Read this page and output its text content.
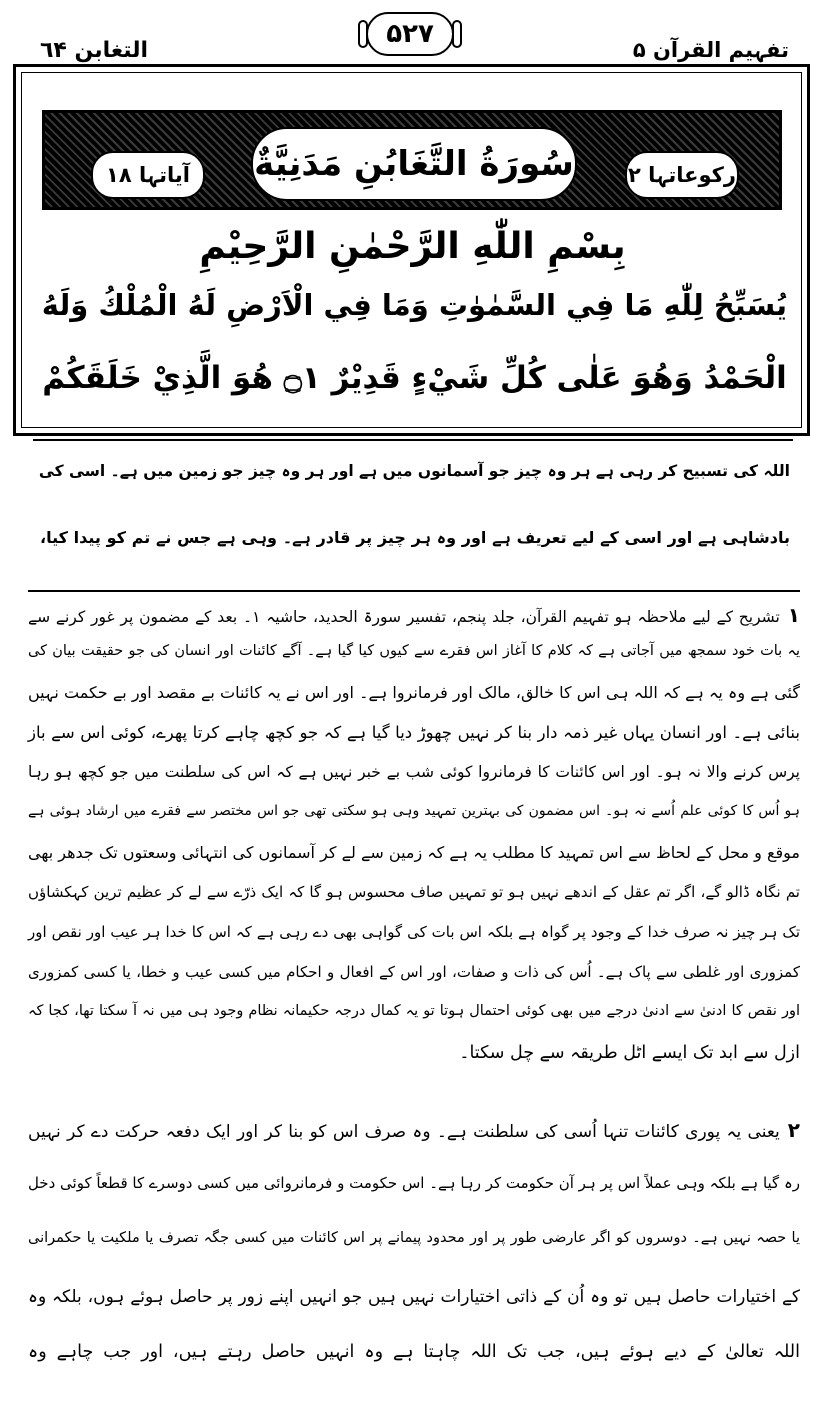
التغابن ٦۴
۵۲۷
تفہیم القرآن ۵
آیاتہا ۱۸	سُورَةُ التَّغَابُنِ مَدَنِيَّةٌ	رکوعاتہا ۲
بِسْمِ اللّٰهِ الرَّحْمٰنِ الرَّحِيْمِ
يُسَبِّحُ لِلّٰهِ مَا فِي السَّمٰوٰتِ وَمَا فِي الْاَرْضِ لَهُ الْمُلْكُ وَلَهُ
الْحَمْدُ وَهُوَ عَلٰى كُلِّ شَيْءٍ قَدِيْرٌ ۝١ هُوَ الَّذِيْ خَلَقَكُمْ
اللہ کی تسبیح کر رہی ہے ہر وہ چیز جو آسمانوں میں ہے اور ہر وہ چیز جو زمین میں ہے۔ اسی کی
بادشاہی ہے اور اسی کے لیے تعریف ہے اور وہ ہر چیز پر قادر ہے۔ وہی ہے جس نے تم کو پیدا کیا،
۱تشریح کے لیے ملاحظہ ہو تفہیم القرآن، جلد پنجم، تفسیر سورۃ الحدید، حاشیہ ۱۔ بعد کے مضمون پر غور کرنے سے
یہ بات خود سمجھ میں آجاتی ہے کہ کلام کا آغاز اس فقرے سے کیوں کیا گیا ہے۔ آگے کائنات اور انسان کی جو حقیقت بیان کی
گئی ہے وہ یہ ہے کہ اللہ ہی اس کا خالق، مالک اور فرمانروا ہے۔ اور اس نے یہ کائنات بے مقصد اور بے حکمت نہیں
بنائی ہے۔ اور انسان یہاں غیر ذمہ دار بنا کر نہیں چھوڑ دیا گیا ہے کہ جو کچھ چاہے کرتا پھرے، کوئی اس سے باز
پرس کرنے والا نہ ہو۔ اور اس کائنات کا فرمانروا کوئی شب بے خبر نہیں ہے کہ اس کی سلطنت میں جو کچھ ہو رہا
ہو اُس کا کوئی علم اُسے نہ ہو۔ اس مضمون کی بہترین تمہید وہی ہو سکتی تھی جو اس مختصر سے فقرے میں ارشاد ہوئی ہے
موقع و محل کے لحاظ سے اس تمہید کا مطلب یہ ہے کہ زمین سے لے کر آسمانوں کی انتہائی وسعتوں تک جدھر بھی
تم نگاہ ڈالو گے، اگر تم عقل کے اندھے نہیں ہو تو تمہیں صاف محسوس ہو گا کہ ایک ذرّے سے لے کر عظیم ترین کہکشاؤں
تک ہر چیز نہ صرف خدا کے وجود پر گواہ ہے بلکہ اس بات کی گواہی بھی دے رہی ہے کہ اس کا خدا ہر عیب اور نقص اور
کمزوری اور غلطی سے پاک ہے۔ اُس کی ذات و صفات، اور اس کے افعال و احکام میں کسی عیب و خطا، یا کسی کمزوری
اور نقص کا ادنیٰ سے ادنیٰ درجے میں بھی کوئی احتمال ہوتا تو یہ کمال درجہ حکیمانہ نظام وجود ہی میں نہ آ سکتا تھا، کجا کہ
ازل سے ابد تک ایسے اٹل طریقہ سے چل سکتا۔
۲یعنی یہ پوری کائنات تنہا اُسی کی سلطنت ہے۔ وہ صرف اس کو بنا کر اور ایک دفعہ حرکت دے کر نہیں
رہ گیا ہے بلکہ وہی عملاً اس پر ہر آن حکومت کر رہا ہے۔ اس حکومت و فرمانروائی میں کسی دوسرے کا قطعاً کوئی دخل
یا حصہ نہیں ہے۔ دوسروں کو اگر عارضی طور پر اور محدود پیمانے پر اس کائنات میں کسی جگہ تصرف یا ملکیت یا حکمرانی
کے اختیارات حاصل ہیں تو وہ اُن کے ذاتی اختیارات نہیں ہیں جو انہیں اپنے زور پر حاصل ہوئے ہوں، بلکہ وہ
اللہ تعالیٰ کے دیے ہوئے ہیں، جب تک اللہ چاہتا ہے وہ انہیں حاصل رہتے ہیں، اور جب چاہے وہ
